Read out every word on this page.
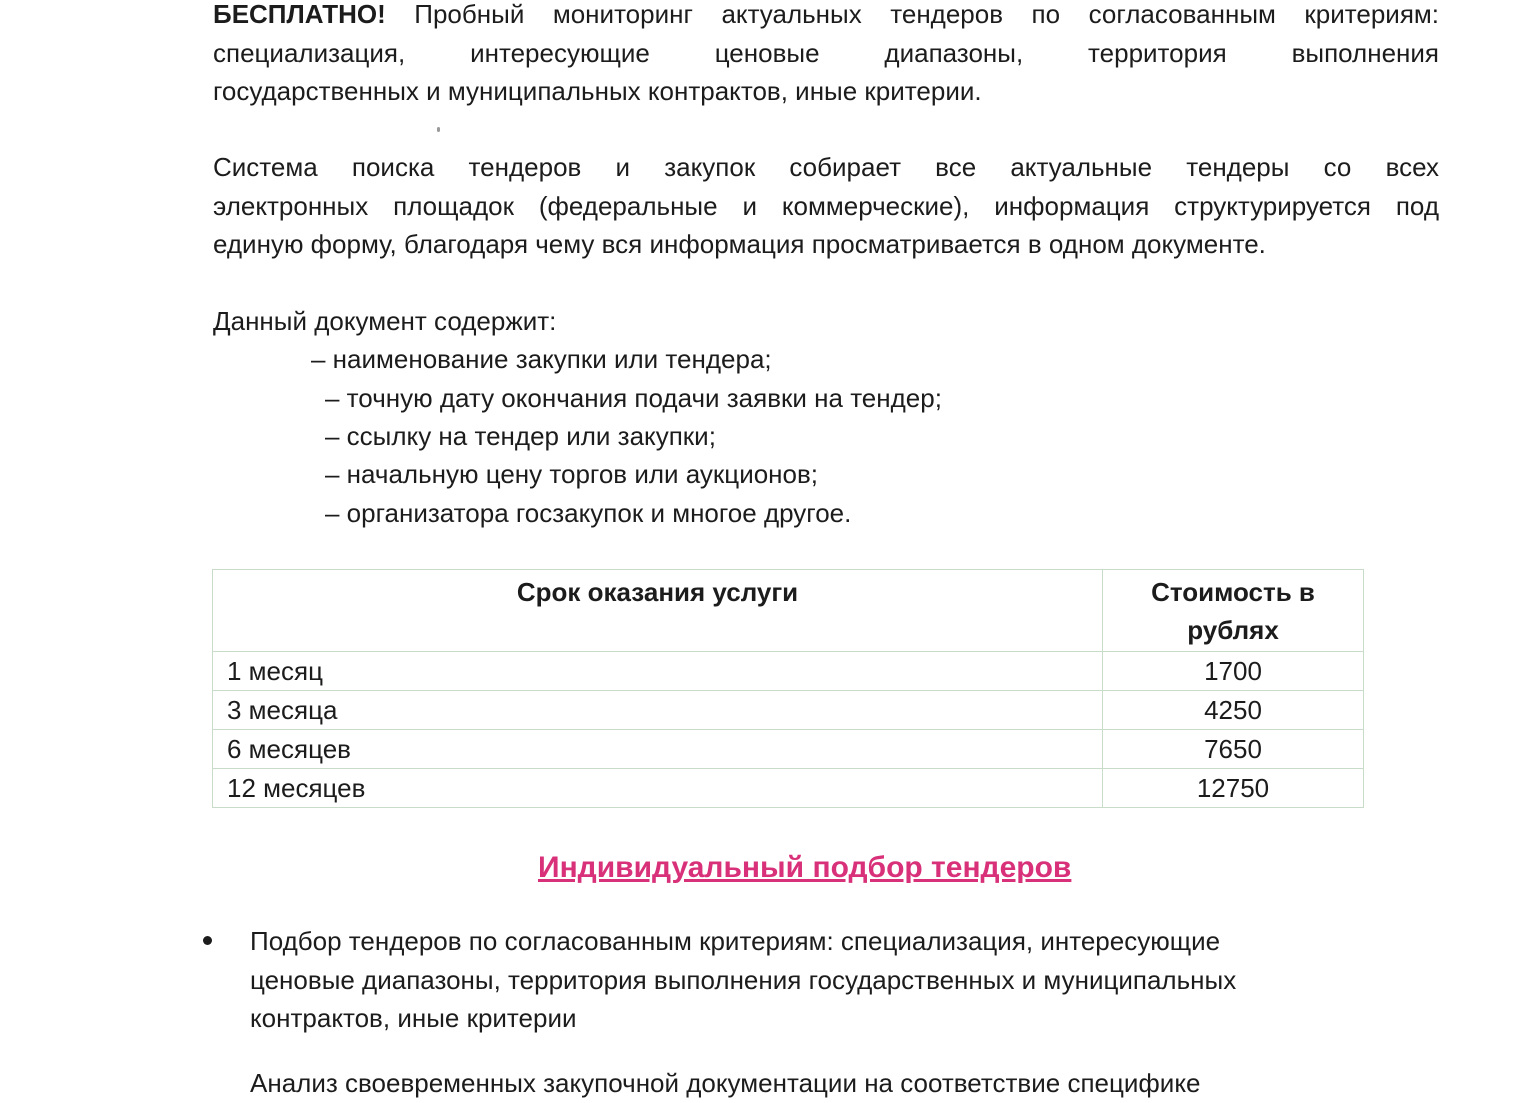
БЕСПЛАТНО! Пробный мониторинг актуальных тендеров по согласованным критериям:
специализация, интересующие ценовые диапазоны, территория выполнения
государственных и муниципальных контрактов, иные критерии.

Система поиска тендеров и закупок собирает все актуальные тендеры со всех
электронных площадок (федеральные и коммерческие), информация структурируется под
единую форму, благодаря чему вся информация просматривается в одном документе.

Данный документ содержит:

– наименование закупки или тендера;

– точную дату окончания подачи заявки на тендер;

– ссылку на тендер или закупки;

– начальную цену торгов или аукционов;

– организатора госзакупок и многое другое.

Срок оказания услуги	Стоимость в рублях
1 месяц	1700
3 месяца	4250
6 месяцев	7650
12 месяцев	12750
Индивидуальный подбор тендеров

Подбор тендеров по согласованным критериям: специализация, интересующие
ценовые диапазоны, территория выполнения государственных и муниципальных
контрактов, иные критерии

Анализ своевременных закупочной документации на соответствие специфике
